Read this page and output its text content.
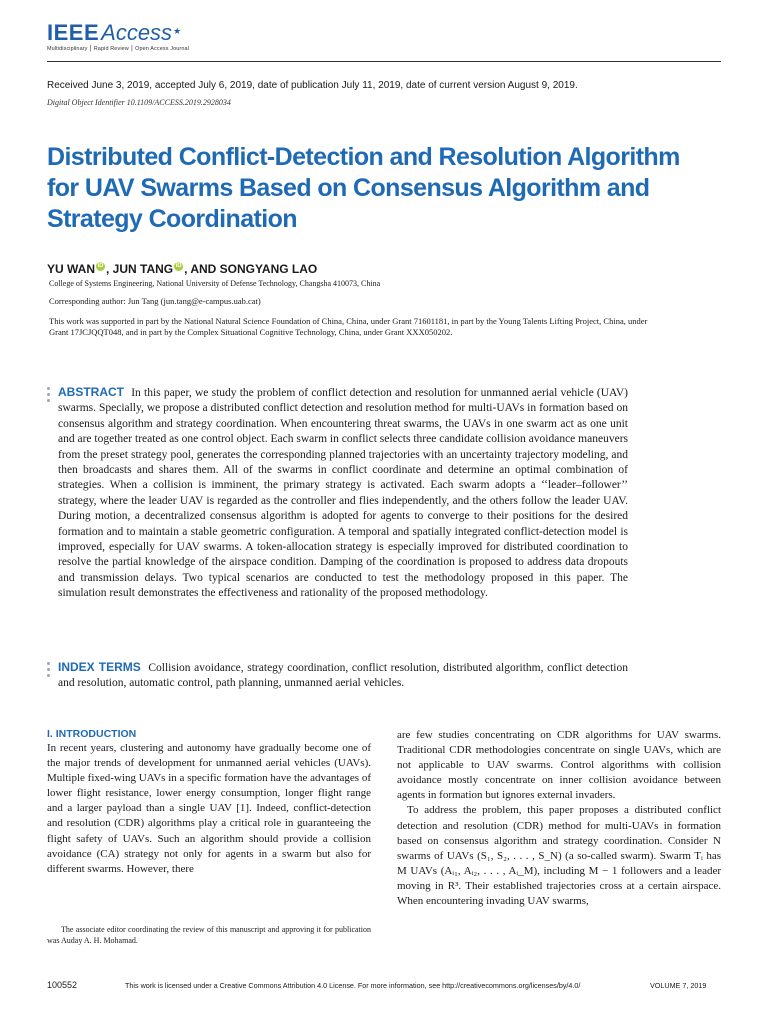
IEEEAccess★
Multidisciplinary ⎮ Rapid Review ⎮ Open Access Journal
Received June 3, 2019, accepted July 6, 2019, date of publication July 11, 2019, date of current version August 9, 2019.
Digital Object Identifier 10.1109/ACCESS.2019.2928034
Distributed Conflict-Detection and Resolution Algorithm for UAV Swarms Based on Consensus Algorithm and Strategy Coordination
YU WAN iD , JUN TANG iD , AND SONGYANG LAO
College of Systems Engineering, National University of Defense Technology, Changsha 410073, China
Corresponding author: Jun Tang (jun.tang@e-campus.uab.cat)
This work was supported in part by the National Natural Science Foundation of China, China, under Grant 71601181, in part by the Young Talents Lifting Project, China, under Grant 17JCJQQT048, and in part by the Complex Situational Cognitive Technology, China, under Grant XXX050202.
ABSTRACT In this paper, we study the problem of conflict detection and resolution for unmanned aerial vehicle (UAV) swarms. Specially, we propose a distributed conflict detection and resolution method for multi-UAVs in formation based on consensus algorithm and strategy coordination. When encountering threat swarms, the UAVs in one swarm act as one unit and are together treated as one control object. Each swarm in conflict selects three candidate collision avoidance maneuvers from the preset strategy pool, generates the corresponding planned trajectories with an uncertainty trajectory modeling, and then broadcasts and shares them. All of the swarms in conflict coordinate and determine an optimal combination of strategies. When a collision is imminent, the primary strategy is activated. Each swarm adopts a ‘‘leader–follower’’ strategy, where the leader UAV is regarded as the controller and flies independently, and the others follow the leader UAV. During motion, a decentralized consensus algorithm is adopted for agents to converge to their positions for the desired formation and to maintain a stable geometric configuration. A temporal and spatially integrated conflict-detection model is improved, especially for UAV swarms. A token-allocation strategy is especially improved for distributed coordination to resolve the partial knowledge of the airspace condition. Damping of the coordination is proposed to address data dropouts and transmission delays. Two typical scenarios are conducted to test the methodology proposed in this paper. The simulation result demonstrates the effectiveness and rationality of the proposed methodology.
INDEX TERMS Collision avoidance, strategy coordination, conflict resolution, distributed algorithm, conflict detection and resolution, automatic control, path planning, unmanned aerial vehicles.
I. INTRODUCTION

In recent years, clustering and autonomy have gradually become one of the major trends of development for unmanned aerial vehicles (UAVs). Multiple fixed-wing UAVs in a specific formation have the advantages of lower flight resistance, lower energy consumption, longer flight range and a larger payload than a single UAV [1]. Indeed, conflict-detection and resolution (CDR) algorithms play a critical role in guaranteeing the flight safety of UAVs. Such an algorithm should provide a collision avoidance (CA) strategy not only for agents in a swarm but also for different swarms. However, there

The associate editor coordinating the review of this manuscript and approving it for publication was Auday A. H. Mohamad.

are few studies concentrating on CDR algorithms for UAV swarms. Traditional CDR methodologies concentrate on single UAVs, which are not applicable to UAV swarms. Control algorithms with collision avoidance mostly concentrate on inner collision avoidance between agents in formation but ignores external invaders.

To address the problem, this paper proposes a distributed conflict detection and resolution (CDR) method for multi-UAVs in formation based on consensus algorithm and strategy coordination. Consider N swarms of UAVs (S₁, S₂, . . . , S_N) (a so-called swarm). Swarm Tᵢ has M UAVs (Aᵢ₁, Aᵢ₂, . . . , Aᵢ_M), including M − 1 followers and a leader moving in R³. Their established trajectories cross at a certain airspace. When encountering invading UAV swarms,

100552	This work is licensed under a Creative Commons Attribution 4.0 License. For more information, see http://creativecommons.org/licenses/by/4.0/	VOLUME 7, 2019
